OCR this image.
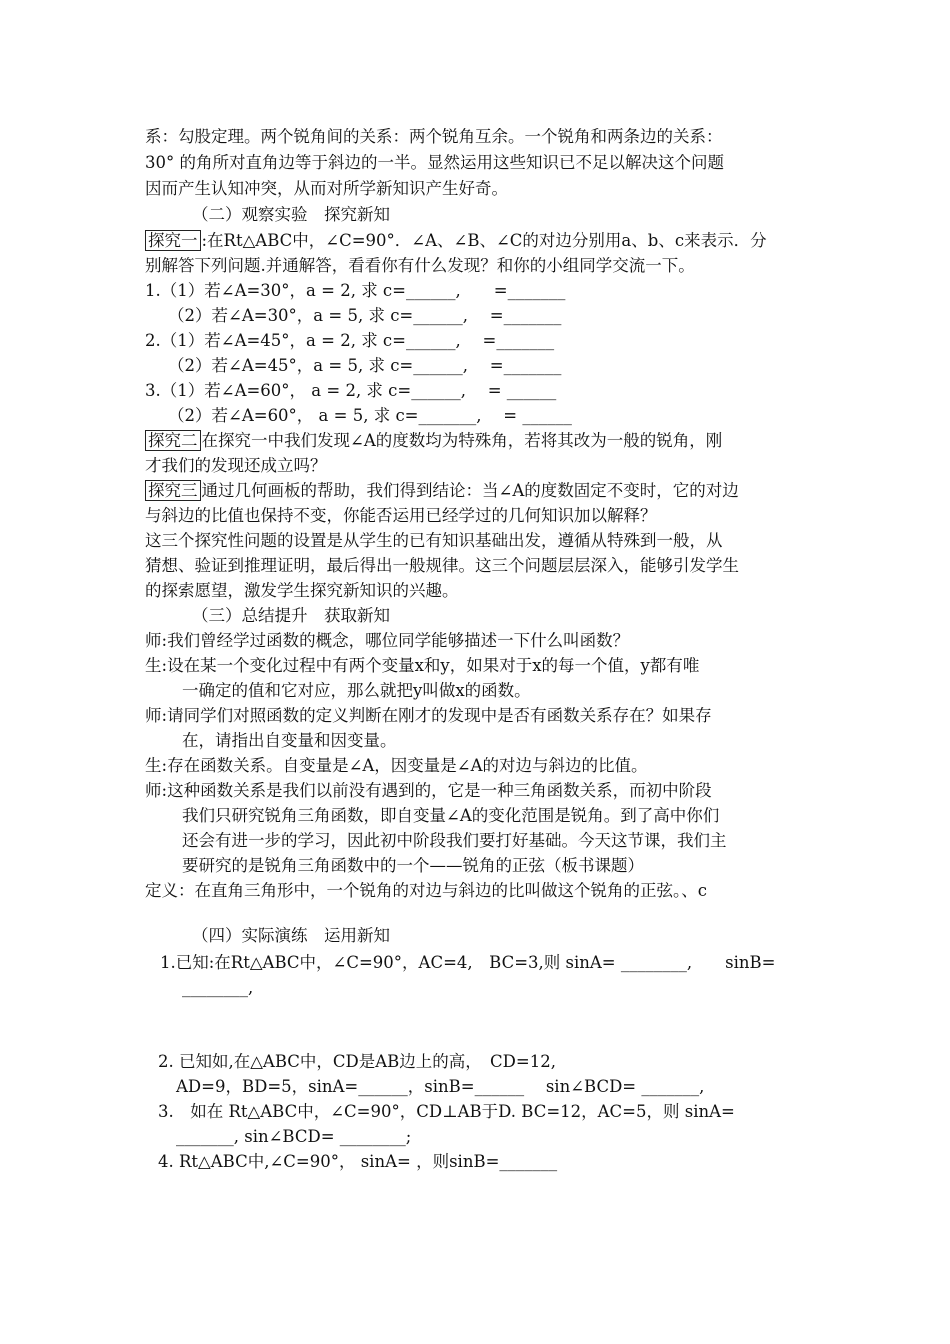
系：勾股定理。两个锐角间的关系：两个锐角互余。一个锐角和两条边的关系：
30° 的角所对直角边等于斜边的一半。显然运用这些知识已不足以解决这个问题
因而产生认知冲突，从而对所学新知识产生好奇。
（二）观察实验　探究新知
探究一 :在Rt△ABC中，∠C=90°．∠A、∠B、∠C的对边分别用a、b、c来表示．分
别解答下列问题.并通解答，看看你有什么发现？和你的小组同学交流一下。
1.（1）若∠A=30°，a = 2, 求 c=______,　　=_______
（2）若∠A=30°，a = 5, 求 c=______,　 =_______
2.（1）若∠A=45°，a = 2, 求 c=______,　 =_______
（2）若∠A=45°，a = 5, 求 c=______,　 =_______
3.（1）若∠A=60°， a = 2, 求 c=______,　 = ______
（2）若∠A=60°， a = 5, 求 c=_______,　 = ______
探究二 在探究一中我们发现∠A的度数均为特殊角，若将其改为一般的锐角，刚
才我们的发现还成立吗？
探究三 通过几何画板的帮助，我们得到结论：当∠A的度数固定不变时，它的对边
与斜边的比值也保持不变，你能否运用已经学过的几何知识加以解释？
这三个探究性问题的设置是从学生的已有知识基础出发，遵循从特殊到一般，从
猜想、验证到推理证明，最后得出一般规律。这三个问题层层深入，能够引发学生
的探索愿望，激发学生探究新知识的兴趣。
（三）总结提升　获取新知
师:我们曾经学过函数的概念，哪位同学能够描述一下什么叫函数？
生:设在某一个变化过程中有两个变量x和y，如果对于x的每一个值，y都有唯
一确定的值和它对应，那么就把y叫做x的函数。
师:请同学们对照函数的定义判断在刚才的发现中是否有函数关系存在？如果存
在，请指出自变量和因变量。
生:存在函数关系。自变量是∠A，因变量是∠A的对边与斜边的比值。
师:这种函数关系是我们以前没有遇到的，它是一种三角函数关系，而初中阶段
我们只研究锐角三角函数，即自变量∠A的变化范围是锐角。到了高中你们
还会有进一步的学习，因此初中阶段我们要打好基础。今天这节课，我们主
要研究的是锐角三角函数中的一个——锐角的正弦（板书课题）
定义：在直角三角形中，一个锐角的对边与斜边的比叫做这个锐角的正弦。、c
（四）实际演练　运用新知
1.已知:在Rt△ABC中，∠C=90°，AC=4,　BC=3,则 sinA= ________,　　sinB=
________,
2. 已知如,在△ABC中，CD是AB边上的高，　CD=12,
AD=9，BD=5，sinA=______，sinB=______　 sin∠BCD= _______,
3.　如在 Rt△ABC中，∠C=90°，CD⊥AB于D. BC=12，AC=5，则 sinA=
_______, sin∠BCD= ________;
4. Rt△ABC中,∠C=90°， sinA= ，则sinB=_______
